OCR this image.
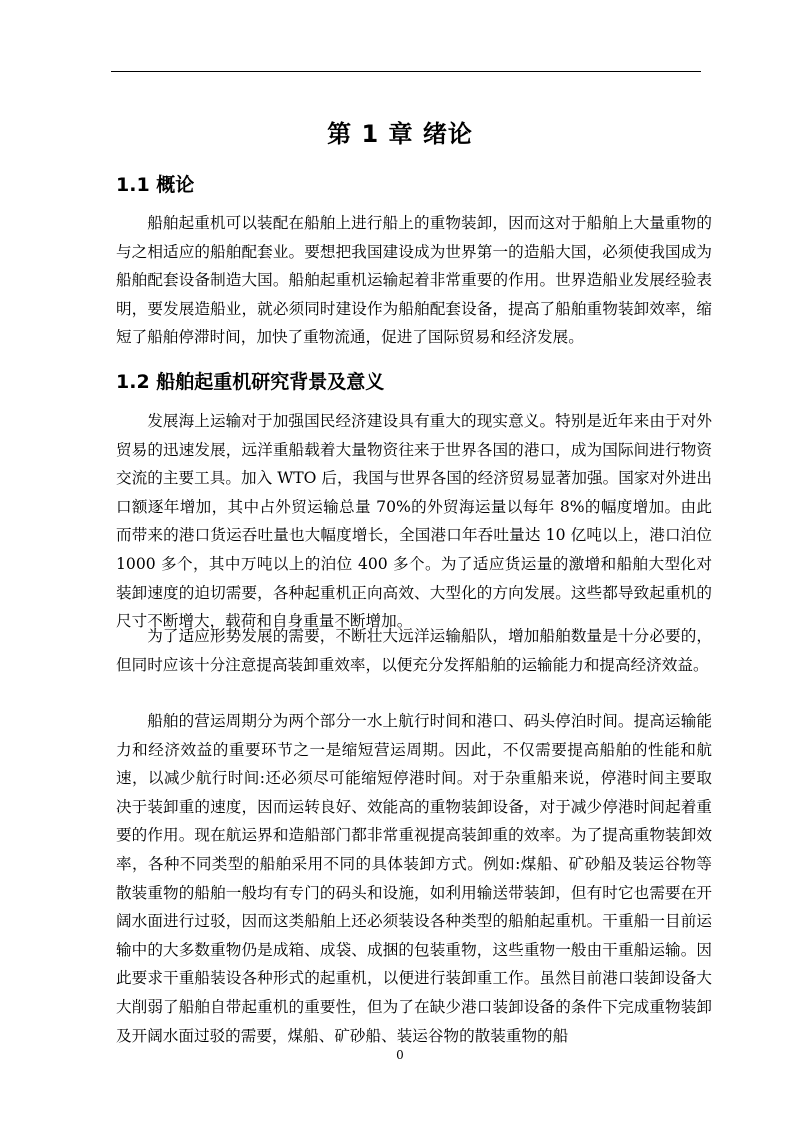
第 1 章 绪论
1.1 概论

船舶起重机可以装配在船舶上进行船上的重物装卸，因而这对于船舶上大量重物的与之相适应的船舶配套业。要想把我国建设成为世界第一的造船大国，必须使我国成为船舶配套设备制造大国。船舶起重机运输起着非常重要的作用。世界造船业发展经验表明，要发展造船业，就必须同时建设作为船舶配套设备，提高了船舶重物装卸效率，缩短了船舶停滞时间，加快了重物流通，促进了国际贸易和经济发展。

1.2 船舶起重机研究背景及意义

发展海上运输对于加强国民经济建设具有重大的现实意义。特别是近年来由于对外贸易的迅速发展，远洋重船载着大量物资往来于世界各国的港口，成为国际间进行物资交流的主要工具。加入 WTO 后，我国与世界各国的经济贸易显著加强。国家对外进出口额逐年增加，其中占外贸运输总量 70%的外贸海运量以每年 8%的幅度增加。由此而带来的港口货运吞吐量也大幅度增长，全国港口年吞吐量达 10 亿吨以上，港口泊位 1000 多个，其中万吨以上的泊位 400 多个。为了适应货运量的激增和船舶大型化对装卸速度的迫切需要，各种起重机正向高效、大型化的方向发展。这些都导致起重机的尺寸不断增大，载荷和自身重量不断增加。

为了适应形势发展的需要，不断壮大远洋运输船队，增加船舶数量是十分必要的，但同时应该十分注意提高装卸重效率，以便充分发挥船舶的运输能力和提高经济效益。

船舶的营运周期分为两个部分一水上航行时间和港口、码头停泊时间。提高运输能力和经济效益的重要环节之一是缩短营运周期。因此，不仅需要提高船舶的性能和航速，以减少航行时间:还必须尽可能缩短停港时间。对于杂重船来说，停港时间主要取决于装卸重的速度，因而运转良好、效能高的重物装卸设备，对于减少停港时间起着重要的作用。现在航运界和造船部门都非常重视提高装卸重的效率。为了提高重物装卸效率，各种不同类型的船舶采用不同的具体装卸方式。例如:煤船、矿砂船及装运谷物等散装重物的船舶一般均有专门的码头和设施，如利用输送带装卸，但有时它也需要在开阔水面进行过驳，因而这类船舶上还必须装设各种类型的船舶起重机。干重船一目前运输中的大多数重物仍是成箱、成袋、成捆的包装重物，这些重物一般由干重船运输。因此要求干重船装设各种形式的起重机，以便进行装卸重工作。虽然目前港口装卸设备大大削弱了船舶自带起重机的重要性，但为了在缺少港口装卸设备的条件下完成重物装卸及开阔水面过驳的需要，煤船、矿砂船、装运谷物的散装重物的船

0
